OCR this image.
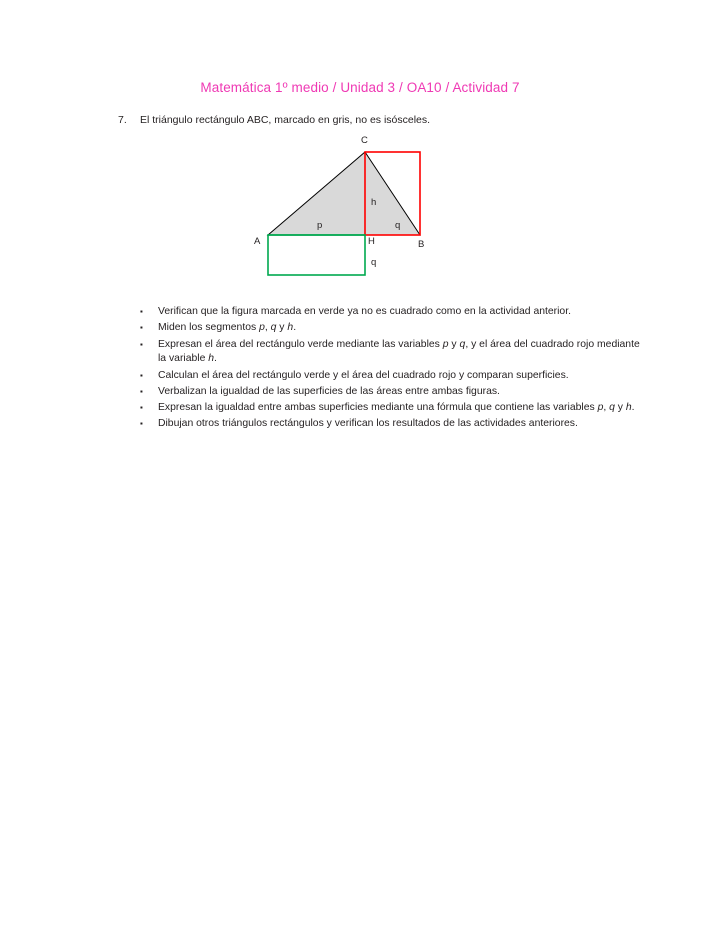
Matemática 1º medio / Unidad 3 / OA10 / Actividad 7
7.	El triángulo rectángulo ABC, marcado en gris, no es isósceles.
C
A	H	B
h
p	q
q
▪	Verifican que la figura marcada en verde ya no es cuadrado como en la actividad anterior.
▪	Miden los segmentos p, q y h.
▪	Expresan el área del rectángulo verde mediante las variables p y q, y el área del cuadrado rojo mediante la variable h.
▪	Calculan el área del rectángulo verde y el área del cuadrado rojo y comparan superficies.
▪	Verbalizan la igualdad de las superficies de las áreas entre ambas figuras.
▪	Expresan la igualdad entre ambas superficies mediante una fórmula que contiene las variables p, q y h.
▪	Dibujan otros triángulos rectángulos y verifican los resultados de las actividades anteriores.
